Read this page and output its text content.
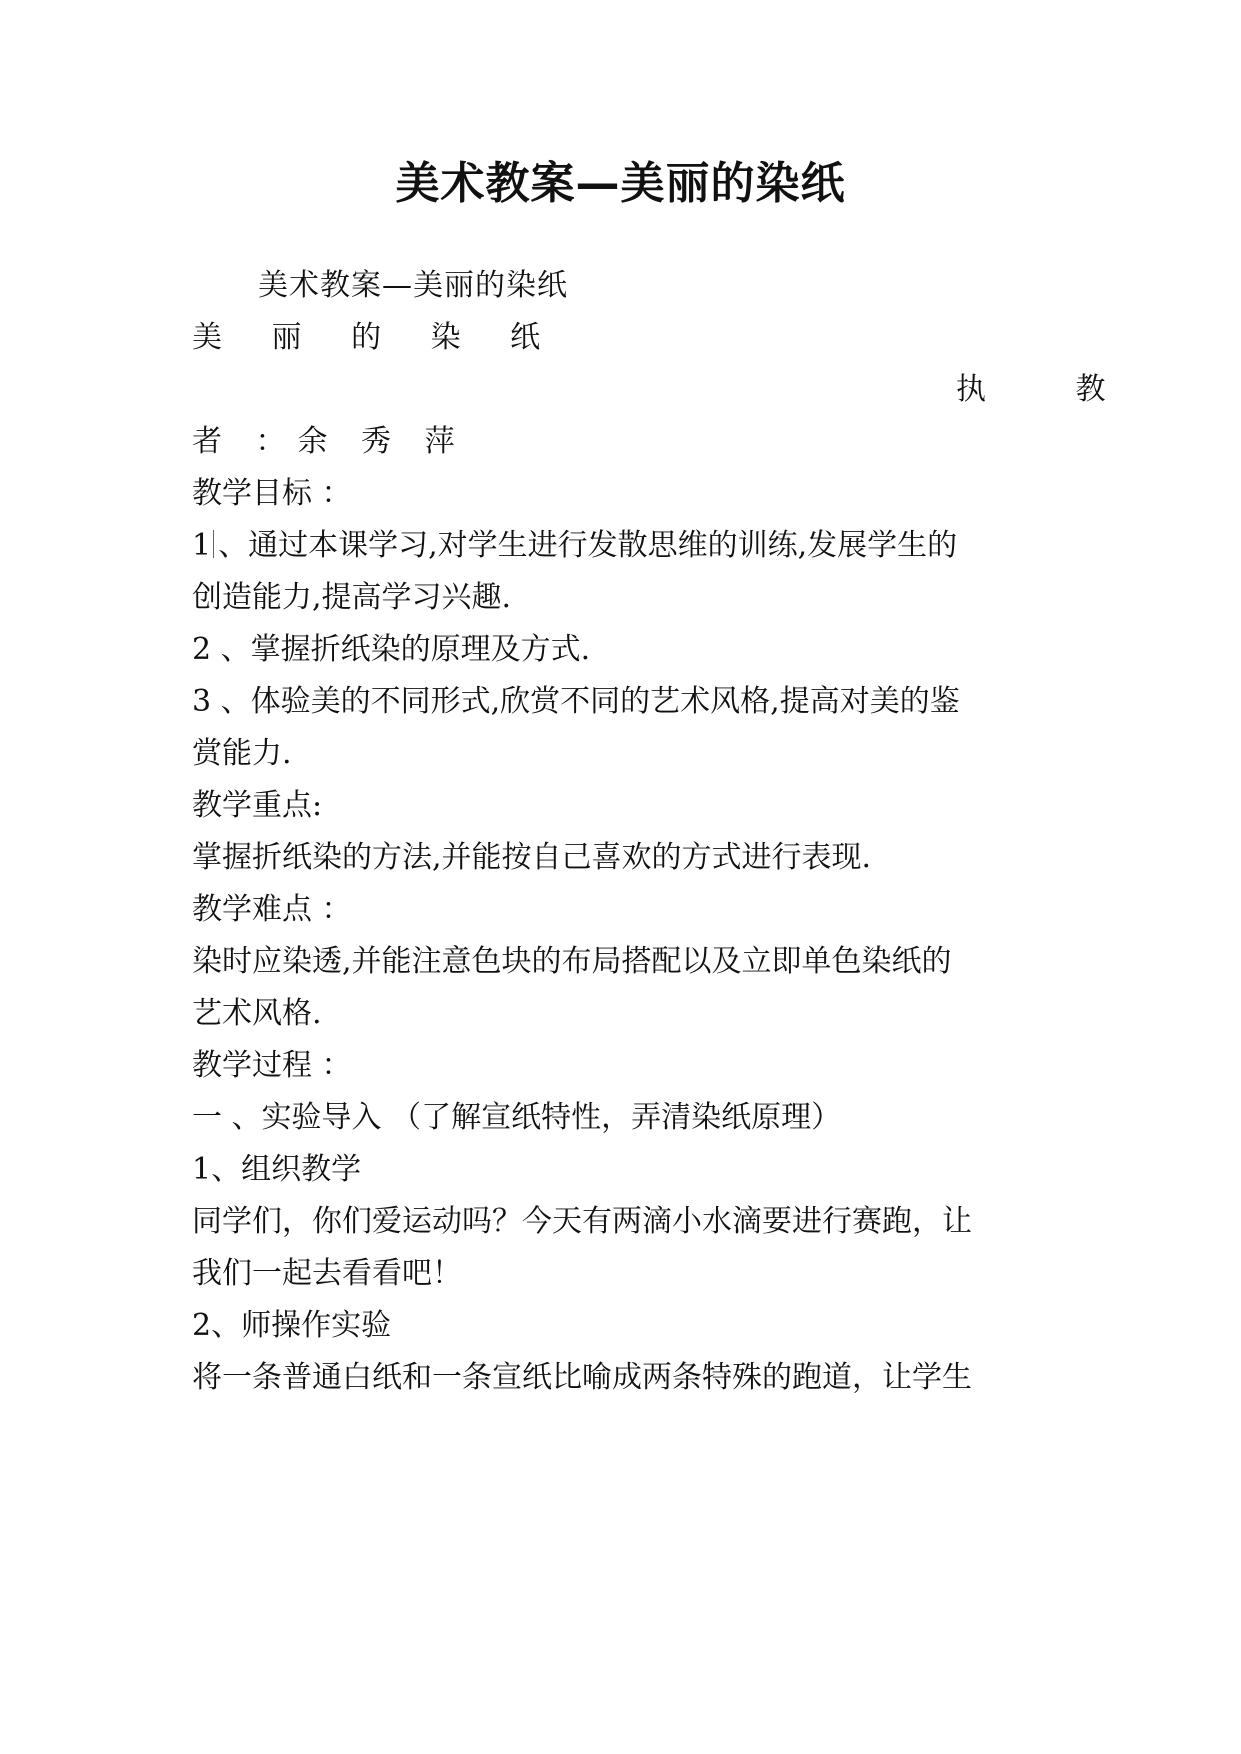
美术教案—美丽的染纸
美术教案—美丽的染纸
美 丽 的 染 纸
执 教
者 ：余 秀 萍
教学目标 ：
1 、通过本课学习,对学生进行发散思维的训练,发展学生的
创造能力,提高学习兴趣.
2 、掌握折纸染的原理及方式.
3 、体验美的不同形式,欣赏不同的艺术风格,提高对美的鉴
赏能力.
教学重点:
掌握折纸染的方法,并能按自己喜欢的方式进行表现.
教学难点 ：
染时应染透,并能注意色块的布局搭配以及立即单色染纸的
艺术风格.
教学过程 ：
一 、实验导入 （了解宣纸特性，弄清染纸原理）
1、组织教学
同学们，你们爱运动吗？今天有两滴小水滴要进行赛跑，让
我们一起去看看吧！
2、师操作实验
将一条普通白纸和一条宣纸比喻成两条特殊的跑道，让学生
